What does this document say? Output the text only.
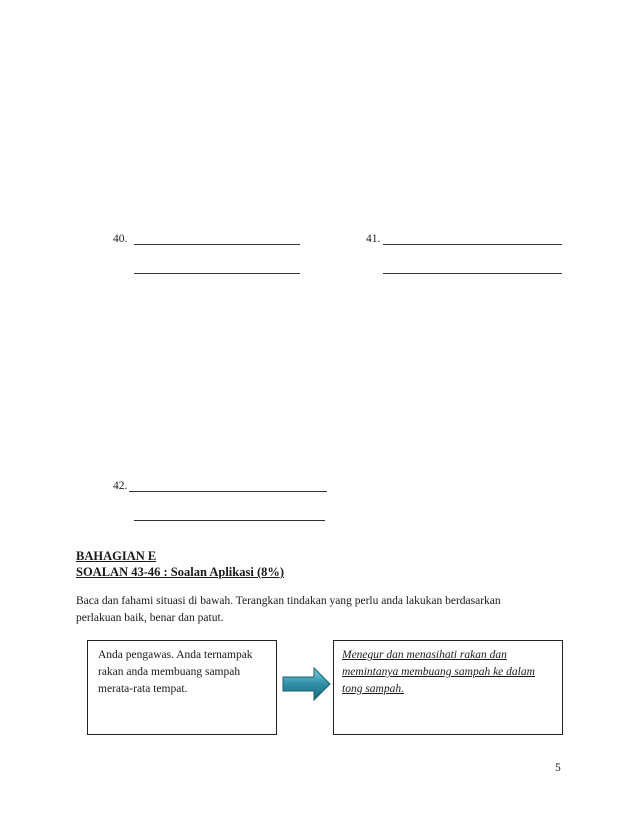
40.	41.
42.
BAHAGIAN E
SOALAN 43-46 : Soalan Aplikasi (8%)
Baca dan fahami situasi di bawah. Terangkan tindakan yang perlu anda lakukan berdasarkan
perlakuan baik, benar dan patut.
Anda pengawas. Anda ternampak
rakan anda membuang sampah
merata-rata tempat.
Menegur dan menasihati rakan dan
memintanya membuang sampah ke dalam
tong sampah.
5
